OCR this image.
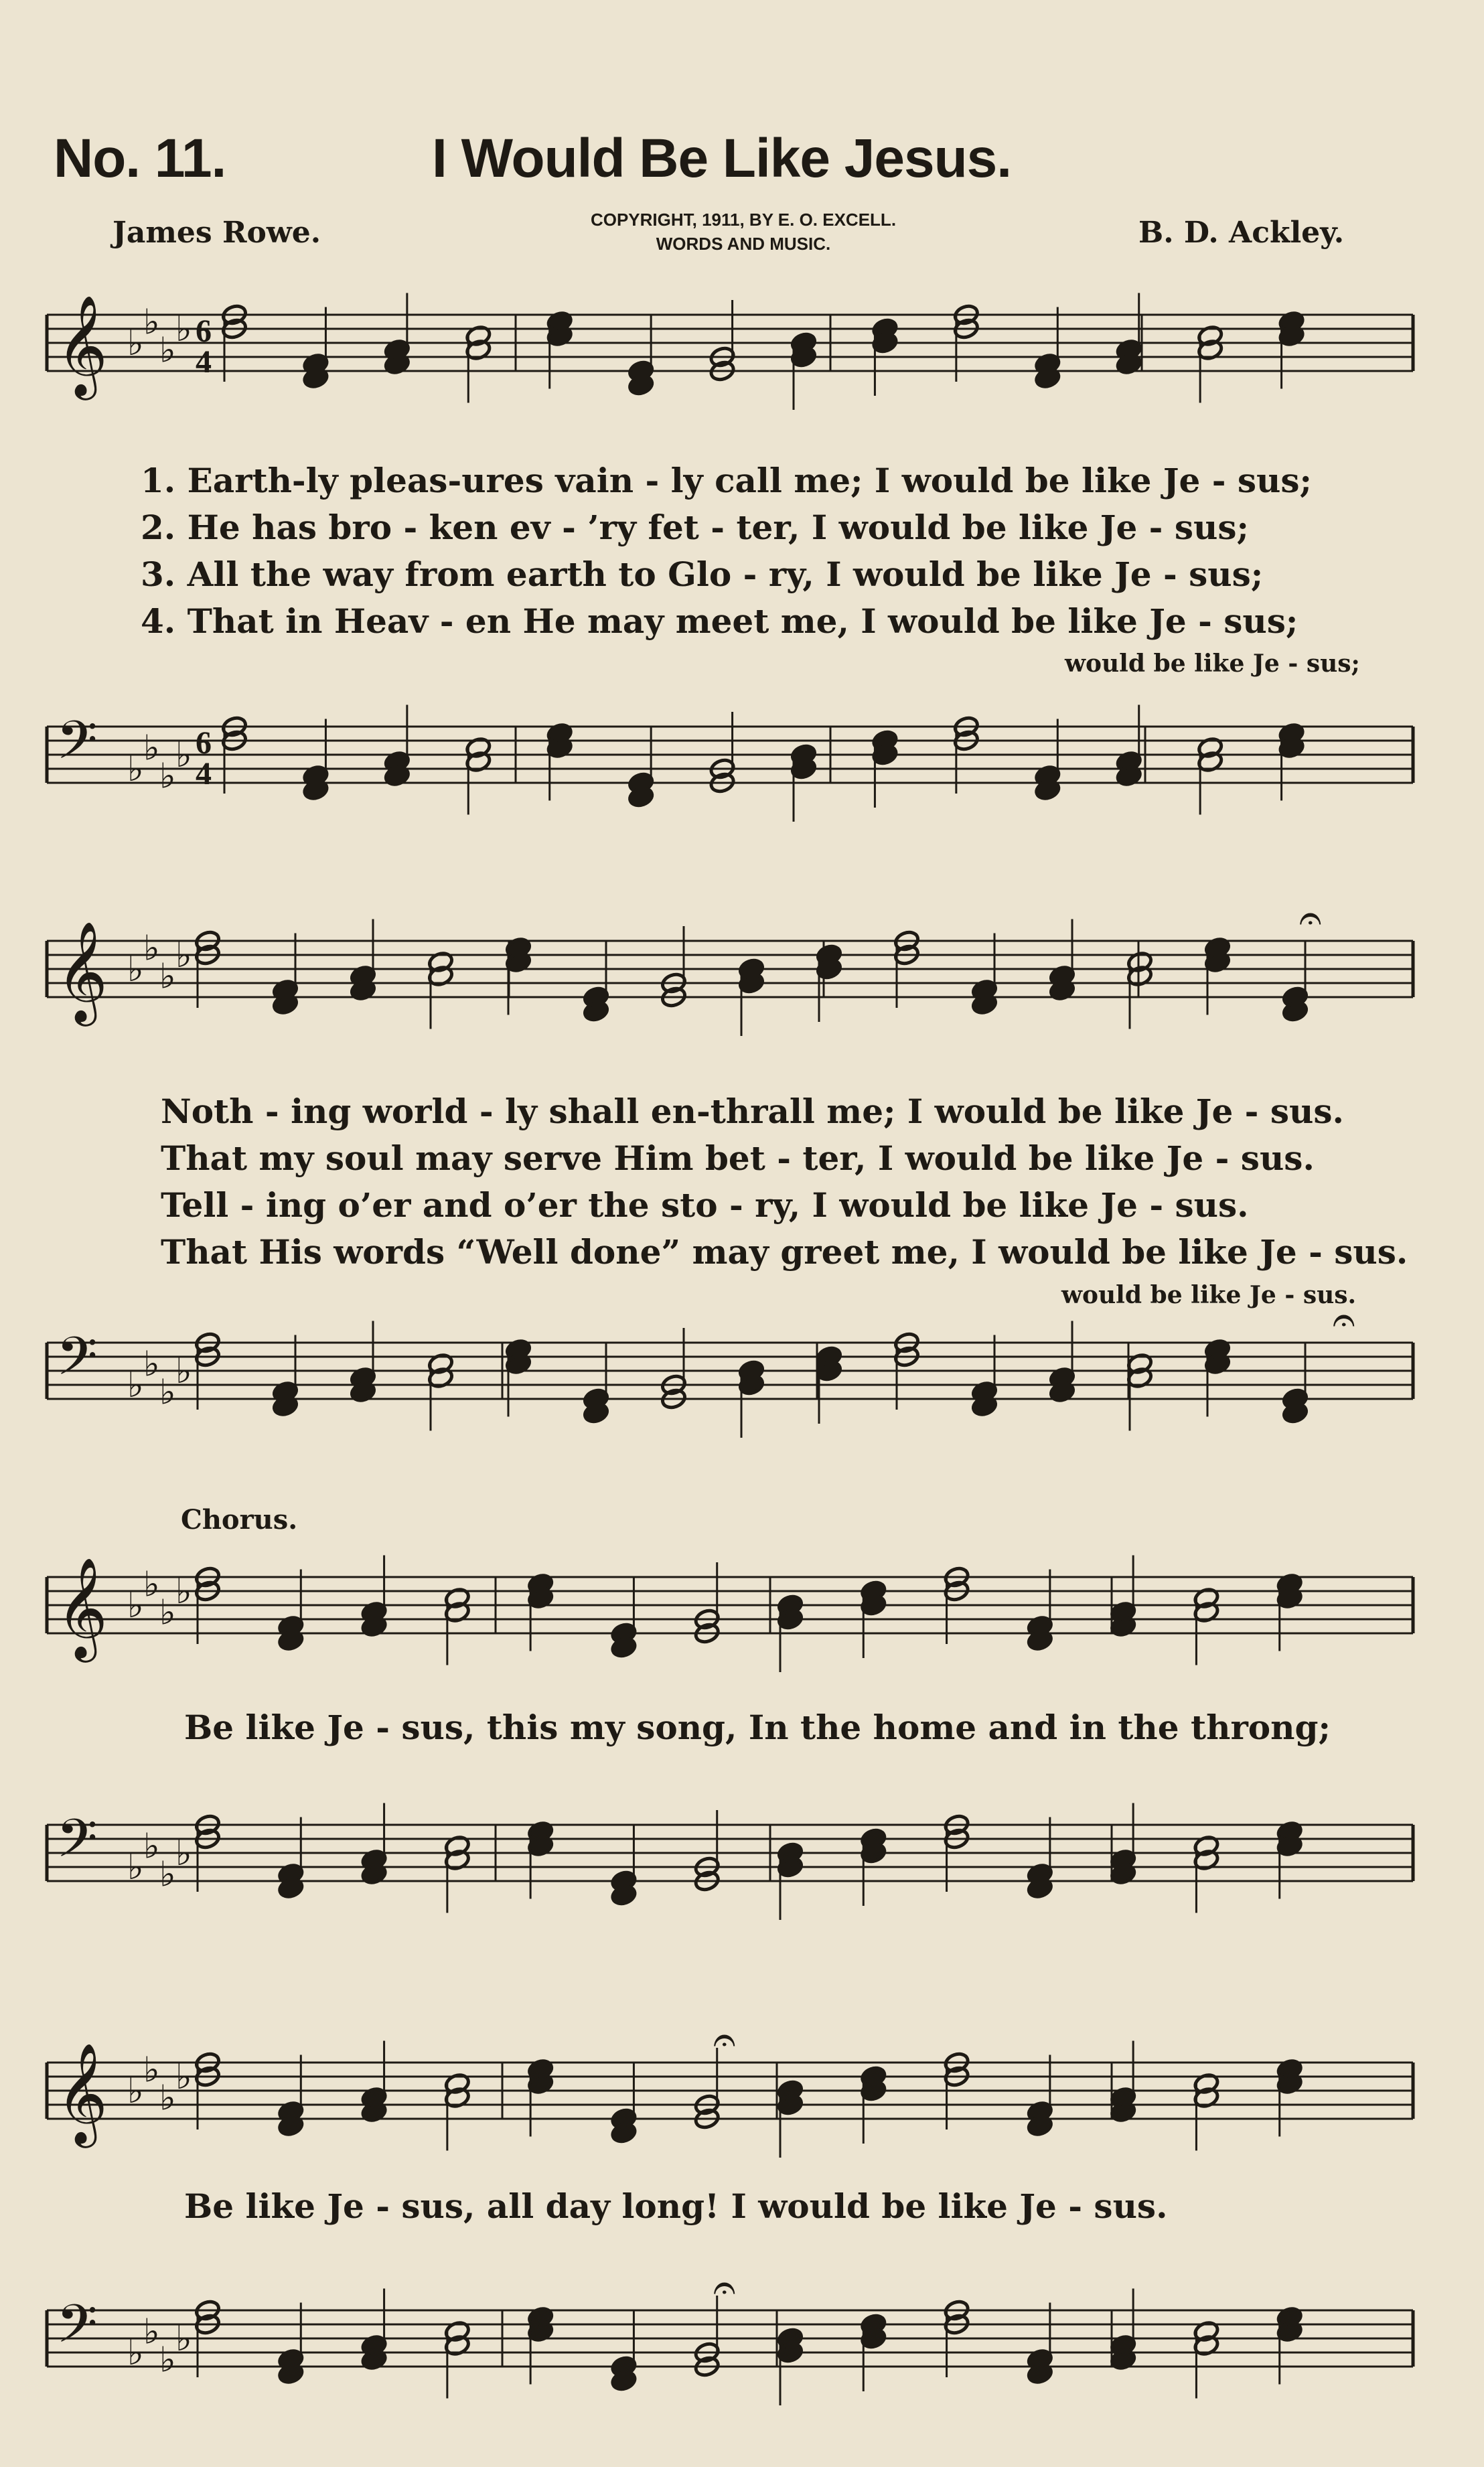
No. 11.	I Would Be Like Jesus.
James Rowe.	COPYRIGHT, 1911, BY E. O. EXCELL.
WORDS AND MUSIC.	B. D. Ackley.
𝄞 ♭
♭
♭
♭ 6
4
1. Earth-ly pleas-ures vain - ly call me; I would be like Je - sus;
2. He has bro - ken ev - ’ry fet - ter, I would be like Je - sus;
3. All the way from earth to Glo - ry, I would be like Je - sus;
4. That in Heav - en He may meet me, I would be like Je - sus;
would be like Je - sus;
𝄢 ♭
♭
♭
♭ 6
4
𝄞 ♭
♭
♭
♭
𝄐
Noth - ing world - ly shall en-thrall me; I would be like Je - sus.
That my soul may serve Him bet - ter, I would be like Je - sus.
Tell - ing o’er and o’er the sto - ry, I would be like Je - sus.
That His words “Well done” may greet me, I would be like Je - sus.
would be like Je - sus.
𝄢 ♭
♭
♭
♭
𝄐
Chorus.
𝄞 ♭
♭
♭
♭
Be like Je - sus, this my song, In the home and in the throng;
𝄢 ♭
♭
♭
♭
𝄞 ♭
♭
♭
♭
𝄐
Be like Je - sus, all day long! I would be like Je - sus.
𝄢 ♭
♭
♭
♭
𝄐
